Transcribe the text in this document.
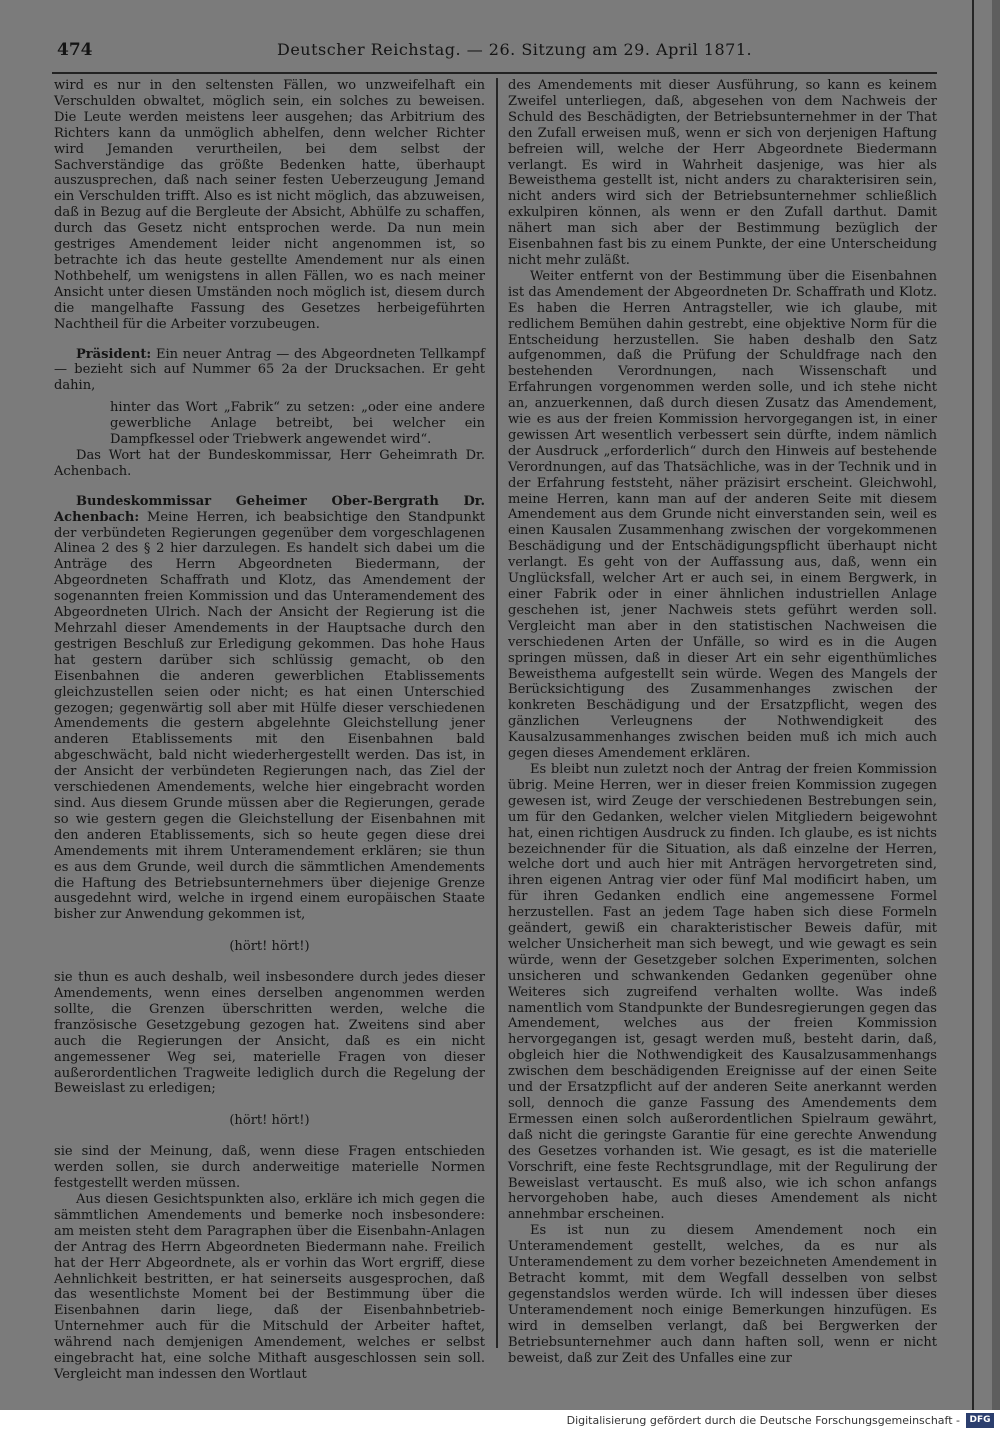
474	Deutscher Reichstag. — 26. Sitzung am 29. April 1871.

wird es nur in den seltensten Fällen, wo unzweifelhaft ein Verschulden obwaltet, möglich sein, ein solches zu beweisen. Die Leute werden meistens leer ausgehen; das Arbitrium des Richters kann da unmöglich abhelfen, denn welcher Richter wird Jemanden verurtheilen, bei dem selbst der Sachverständige das größte Bedenken hatte, überhaupt auszusprechen, daß nach seiner festen Ueberzeugung Jemand ein Verschulden trifft. Also es ist nicht möglich, das abzuweisen, daß in Bezug auf die Bergleute der Absicht, Abhülfe zu schaffen, durch das Gesetz nicht entsprochen werde. Da nun mein gestriges Amendement leider nicht angenommen ist, so betrachte ich das heute gestellte Amendement nur als einen Nothbehelf, um wenigstens in allen Fällen, wo es nach meiner Ansicht unter diesen Umständen noch möglich ist, diesem durch die mangelhafte Fassung des Gesetzes herbeigeführten Nachtheil für die Arbeiter vorzubeugen.

Präsident: Ein neuer Antrag — des Abgeordneten Tellkampf — bezieht sich auf Nummer 65 2a der Drucksachen. Er geht dahin,

hinter das Wort „Fabrik“ zu setzen: „oder eine andere gewerbliche Anlage betreibt, bei welcher ein Dampfkessel oder Triebwerk angewendet wird“.

Das Wort hat der Bundeskommissar, Herr Geheimrath Dr. Achenbach.

Bundeskommissar Geheimer Ober-Bergrath Dr. Achenbach: Meine Herren, ich beabsichtige den Standpunkt der verbündeten Regierungen gegenüber dem vorgeschlagenen Alinea 2 des § 2 hier darzulegen. Es handelt sich dabei um die Anträge des Herrn Abgeordneten Biedermann, der Abgeordneten Schaffrath und Klotz, das Amendement der sogenannten freien Kommission und das Unteramendement des Abgeordneten Ulrich. Nach der Ansicht der Regierung ist die Mehrzahl dieser Amendements in der Hauptsache durch den gestrigen Beschluß zur Erledigung gekommen. Das hohe Haus hat gestern darüber sich schlüssig gemacht, ob den Eisenbahnen die anderen gewerblichen Etablissements gleichzustellen seien oder nicht; es hat einen Unterschied gezogen; gegenwärtig soll aber mit Hülfe dieser verschiedenen Amendements die gestern abgelehnte Gleichstellung jener anderen Etablissements mit den Eisenbahnen bald abgeschwächt, bald nicht wiederhergestellt werden. Das ist, in der Ansicht der verbündeten Regierungen nach, das Ziel der verschiedenen Amendements, welche hier eingebracht worden sind. Aus diesem Grunde müssen aber die Regierungen, gerade so wie gestern gegen die Gleichstellung der Eisenbahnen mit den anderen Etablissements, sich so heute gegen diese drei Amendements mit ihrem Unteramendement erklären; sie thun es aus dem Grunde, weil durch die sämmtlichen Amendements die Haftung des Betriebsunternehmers über diejenige Grenze ausgedehnt wird, welche in irgend einem europäischen Staate bisher zur Anwendung gekommen ist,

(hört! hört!)

sie thun es auch deshalb, weil insbesondere durch jedes dieser Amendements, wenn eines derselben angenommen werden sollte, die Grenzen überschritten werden, welche die französische Gesetzgebung gezogen hat. Zweitens sind aber auch die Regierungen der Ansicht, daß es ein nicht angemessener Weg sei, materielle Fragen von dieser außerordentlichen Tragweite lediglich durch die Regelung der Beweislast zu erledigen;

(hört! hört!)

sie sind der Meinung, daß, wenn diese Fragen entschieden werden sollen, sie durch anderweitige materielle Normen festgestellt werden müssen.

Aus diesen Gesichtspunkten also, erkläre ich mich gegen die sämmtlichen Amendements und bemerke noch insbesondere: am meisten steht dem Paragraphen über die Eisenbahn-Anlagen der Antrag des Herrn Abgeordneten Biedermann nahe. Freilich hat der Herr Abgeordnete, als er vorhin das Wort ergriff, diese Aehnlichkeit bestritten, er hat seinerseits ausgesprochen, daß das wesentlichste Moment bei der Bestimmung über die Eisenbahnen darin liege, daß der Eisenbahnbetrieb-Unternehmer auch für die Mitschuld der Arbeiter haftet, während nach demjenigen Amendement, welches er selbst eingebracht hat, eine solche Mithaft ausgeschlossen sein soll. Vergleicht man indessen den Wortlaut

des Amendements mit dieser Ausführung, so kann es keinem Zweifel unterliegen, daß, abgesehen von dem Nachweis der Schuld des Beschädigten, der Betriebsunternehmer in der That den Zufall erweisen muß, wenn er sich von derjenigen Haftung befreien will, welche der Herr Abgeordnete Biedermann verlangt. Es wird in Wahrheit dasjenige, was hier als Beweisthema gestellt ist, nicht anders zu charakterisiren sein, nicht anders wird sich der Betriebsunternehmer schließlich exkulpiren können, als wenn er den Zufall darthut. Damit nähert man sich aber der Bestimmung bezüglich der Eisenbahnen fast bis zu einem Punkte, der eine Unterscheidung nicht mehr zuläßt.

Weiter entfernt von der Bestimmung über die Eisenbahnen ist das Amendement der Abgeordneten Dr. Schaffrath und Klotz. Es haben die Herren Antragsteller, wie ich glaube, mit redlichem Bemühen dahin gestrebt, eine objektive Norm für die Entscheidung herzustellen. Sie haben deshalb den Satz aufgenommen, daß die Prüfung der Schuldfrage nach den bestehenden Verordnungen, nach Wissenschaft und Erfahrungen vorgenommen werden solle, und ich stehe nicht an, anzuerkennen, daß durch diesen Zusatz das Amendement, wie es aus der freien Kommission hervorgegangen ist, in einer gewissen Art wesentlich verbessert sein dürfte, indem nämlich der Ausdruck „erforderlich“ durch den Hinweis auf bestehende Verordnungen, auf das Thatsächliche, was in der Technik und in der Erfahrung feststeht, näher präzisirt erscheint. Gleichwohl, meine Herren, kann man auf der anderen Seite mit diesem Amendement aus dem Grunde nicht einverstanden sein, weil es einen Kausalen Zusammenhang zwischen der vorgekommenen Beschädigung und der Entschädigungspflicht überhaupt nicht verlangt. Es geht von der Auffassung aus, daß, wenn ein Unglücksfall, welcher Art er auch sei, in einem Bergwerk, in einer Fabrik oder in einer ähnlichen industriellen Anlage geschehen ist, jener Nachweis stets geführt werden soll. Vergleicht man aber in den statistischen Nachweisen die verschiedenen Arten der Unfälle, so wird es in die Augen springen müssen, daß in dieser Art ein sehr eigenthümliches Beweisthema aufgestellt sein würde. Wegen des Mangels der Berücksichtigung des Zusammenhanges zwischen der konkreten Beschädigung und der Ersatzpflicht, wegen des gänzlichen Verleugnens der Nothwendigkeit des Kausalzusammenhanges zwischen beiden muß ich mich auch gegen dieses Amendement erklären.

Es bleibt nun zuletzt noch der Antrag der freien Kommission übrig. Meine Herren, wer in dieser freien Kommission zugegen gewesen ist, wird Zeuge der verschiedenen Bestrebungen sein, um für den Gedanken, welcher vielen Mitgliedern beigewohnt hat, einen richtigen Ausdruck zu finden. Ich glaube, es ist nichts bezeichnender für die Situation, als daß einzelne der Herren, welche dort und auch hier mit Anträgen hervorgetreten sind, ihren eigenen Antrag vier oder fünf Mal modificirt haben, um für ihren Gedanken endlich eine angemessene Formel herzustellen. Fast an jedem Tage haben sich diese Formeln geändert, gewiß ein charakteristischer Beweis dafür, mit welcher Unsicherheit man sich bewegt, und wie gewagt es sein würde, wenn der Gesetzgeber solchen Experimenten, solchen unsicheren und schwankenden Gedanken gegenüber ohne Weiteres sich zugreifend verhalten wollte. Was indeß namentlich vom Standpunkte der Bundesregierungen gegen das Amendement, welches aus der freien Kommission hervorgegangen ist, gesagt werden muß, besteht darin, daß, obgleich hier die Nothwendigkeit des Kausalzusammenhangs zwischen dem beschädigenden Ereignisse auf der einen Seite und der Ersatzpflicht auf der anderen Seite anerkannt werden soll, dennoch die ganze Fassung des Amendements dem Ermessen einen solch außerordentlichen Spielraum gewährt, daß nicht die geringste Garantie für eine gerechte Anwendung des Gesetzes vorhanden ist. Wie gesagt, es ist die materielle Vorschrift, eine feste Rechtsgrundlage, mit der Regulirung der Beweislast vertauscht. Es muß also, wie ich schon anfangs hervorgehoben habe, auch dieses Amendement als nicht annehmbar erscheinen.

Es ist nun zu diesem Amendement noch ein Unteramendement gestellt, welches, da es nur als Unteramendement zu dem vorher bezeichneten Amendement in Betracht kommt, mit dem Wegfall desselben von selbst gegenstandslos werden würde. Ich will indessen über dieses Unteramendement noch einige Bemerkungen hinzufügen. Es wird in demselben verlangt, daß bei Bergwerken der Betriebsunternehmer auch dann haften soll, wenn er nicht beweist, daß zur Zeit des Unfalles eine zur

Digitalisierung gefördert durch die Deutsche Forschungsgemeinschaft -	DFG
